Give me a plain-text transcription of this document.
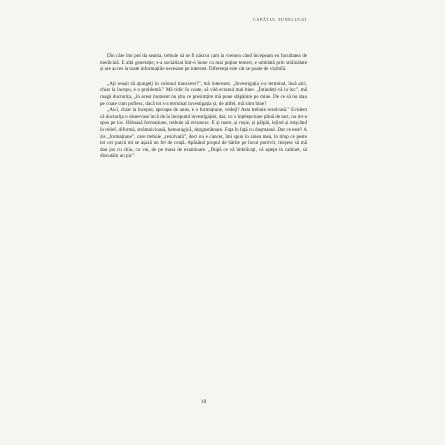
CAPĂTUL TUNELULUI

Din câte îmi pot da seama, trebuie să se fi născut cam la vremea când începeam eu facultatea de medicină. E altă generație, s-a socializat într-o lume cu mai puține temeri, e umblată prin străinătate și are acces la toate informațiile necesare pe internet. Diferența este cât se poate de vizibilă.

„Ați reușit să ajungeți în colonul transvers?”, mă interesez. „Investigația s-a terminat, însă aici, chiar la începu, e o problemă.” Mă ridic în coate, să văd ecranul mai bine. „Întindeți-vă la loc”, mă roagă doctorița, „în acest moment nu știu ce presimțire mă pune stăpânire pe mine. De ce să nu stau pe coate cum pofiesc, dacă tot s-a terminat investigația și, de altfel, mă simt bine?

„Aici, chiar la început, aproape de anus, e o formațiune, vedeți? Asta trebuie rezolvată.” Evident că doctorița o observase încă de la începutul investigației, dar, cu o înțelepciune plină de tact, nu mi-a spus pe loc. Hidoasă formațiune, trebuie să recunosc. E și mare, și roșie, și pâlpâi, lejind și mișcând în relief, diformă, strâmnicioasă, hemoragică, dezgustătoare. Fața în față cu dușmanul. Dar ce este? A zis „formațiune”, care trebuie „rezolvată”, deci nu e cancer, îmi spun în sinea mea, în timp ce peste tot cer parcă mi se așază un fel de ceață. Apăsând propul de hârtie pe locul potrivit, reușesc să mă dau jos cu chiu, cu vai, de pe masa de examinare. „După ce vă îmbrăcați, vă aștept în cabinet, să discutăm un pic”

18
